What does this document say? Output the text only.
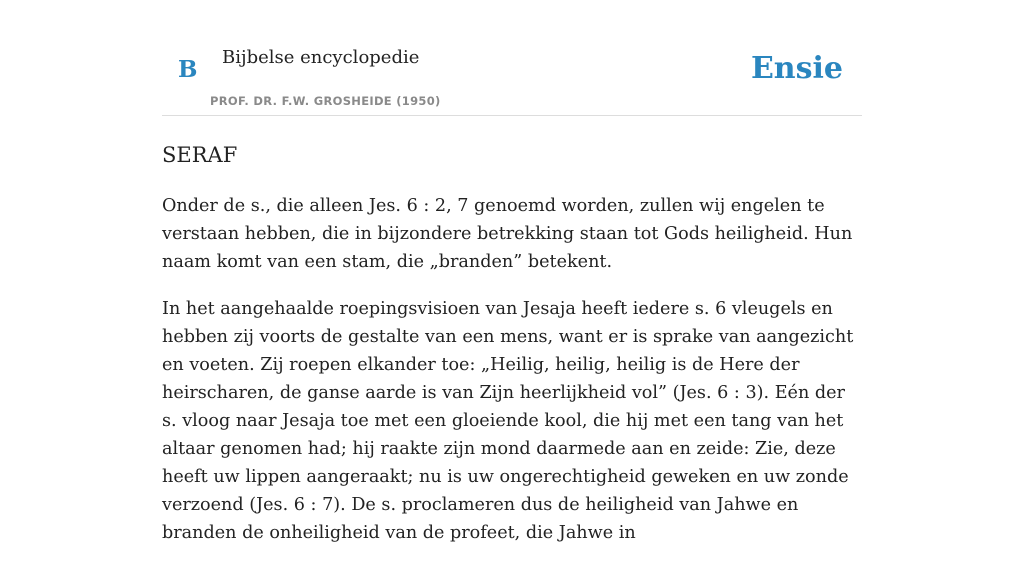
B Bijbelse encyclopedie
PROF. DR. F.W. GROSHEIDE (1950)
Ensie
SERAF

Onder de s., die alleen Jes. 6 : 2, 7 genoemd worden, zullen wij engelen te verstaan hebben, die in bijzondere betrekking staan tot Gods heiligheid. Hun naam komt van een stam, die „branden” betekent.

In het aangehaalde roepingsvisioen van Jesaja heeft iedere s. 6 vleugels en hebben zij voorts de gestalte van een mens, want er is sprake van aangezicht en voeten. Zij roepen elkander toe: „Heilig, heilig, heilig is de Here der heirscharen, de ganse aarde is van Zijn heerlijkheid vol” (Jes. 6 : 3). Eén der s. vloog naar Jesaja toe met een gloeiende kool, die hij met een tang van het altaar genomen had; hij raakte zijn mond daarmede aan en zeide: Zie, deze heeft uw lippen aangeraakt; nu is uw ongerechtigheid geweken en uw zonde verzoend (Jes. 6 : 7). De s. proclameren dus de heiligheid van Jahwe en branden de onheiligheid van de profeet, die Jahwe in
